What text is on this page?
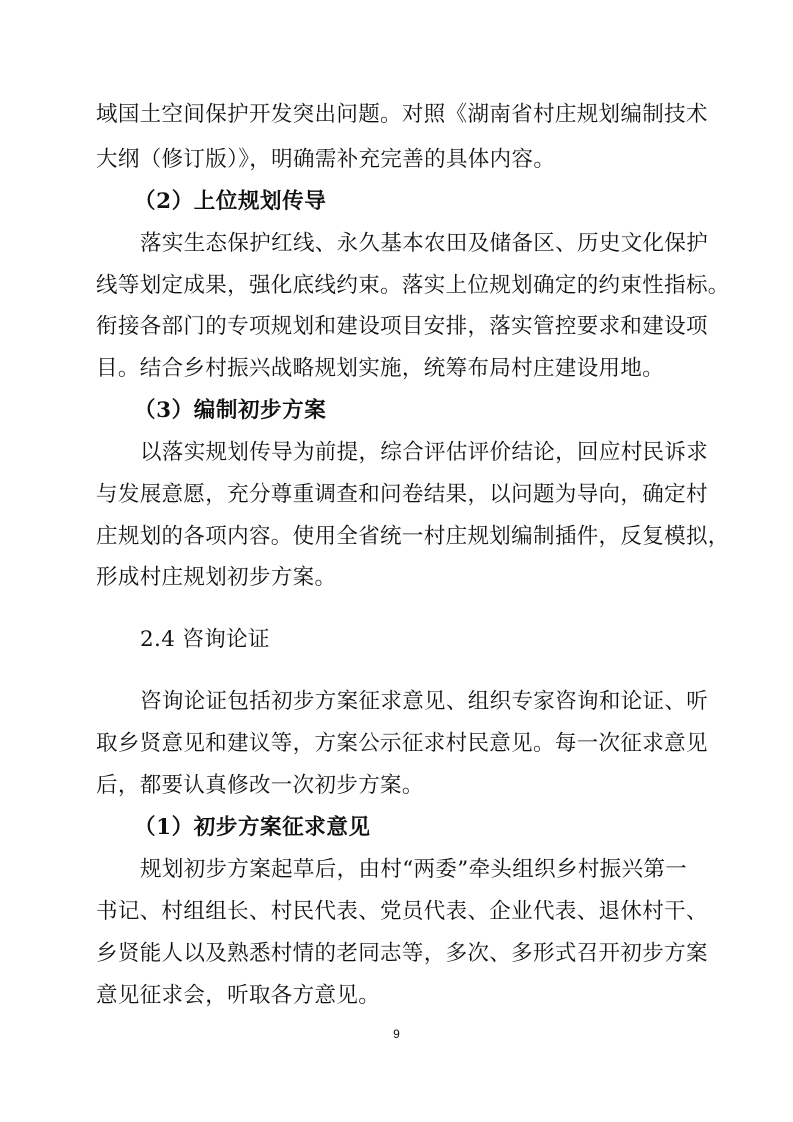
域国土空间保护开发突出问题。对照《湖南省村庄规划编制技术
大纲（修订版）》，明确需补充完善的具体内容。
（2）上位规划传导
落实生态保护红线、永久基本农田及储备区、历史文化保护
线等划定成果，强化底线约束。落实上位规划确定的约束性指标。
衔接各部门的专项规划和建设项目安排，落实管控要求和建设项
目。结合乡村振兴战略规划实施，统筹布局村庄建设用地。
（3）编制初步方案
以落实规划传导为前提，综合评估评价结论，回应村民诉求
与发展意愿，充分尊重调查和问卷结果，以问题为导向，确定村
庄规划的各项内容。使用全省统一村庄规划编制插件，反复模拟，
形成村庄规划初步方案。
2.4 咨询论证
咨询论证包括初步方案征求意见、组织专家咨询和论证、听
取乡贤意见和建议等，方案公示征求村民意见。每一次征求意见
后，都要认真修改一次初步方案。
（1）初步方案征求意见
规划初步方案起草后，由村“两委”牵头组织乡村振兴第一
书记、村组组长、村民代表、党员代表、企业代表、退休村干、
乡贤能人以及熟悉村情的老同志等，多次、多形式召开初步方案
意见征求会，听取各方意见。
9
